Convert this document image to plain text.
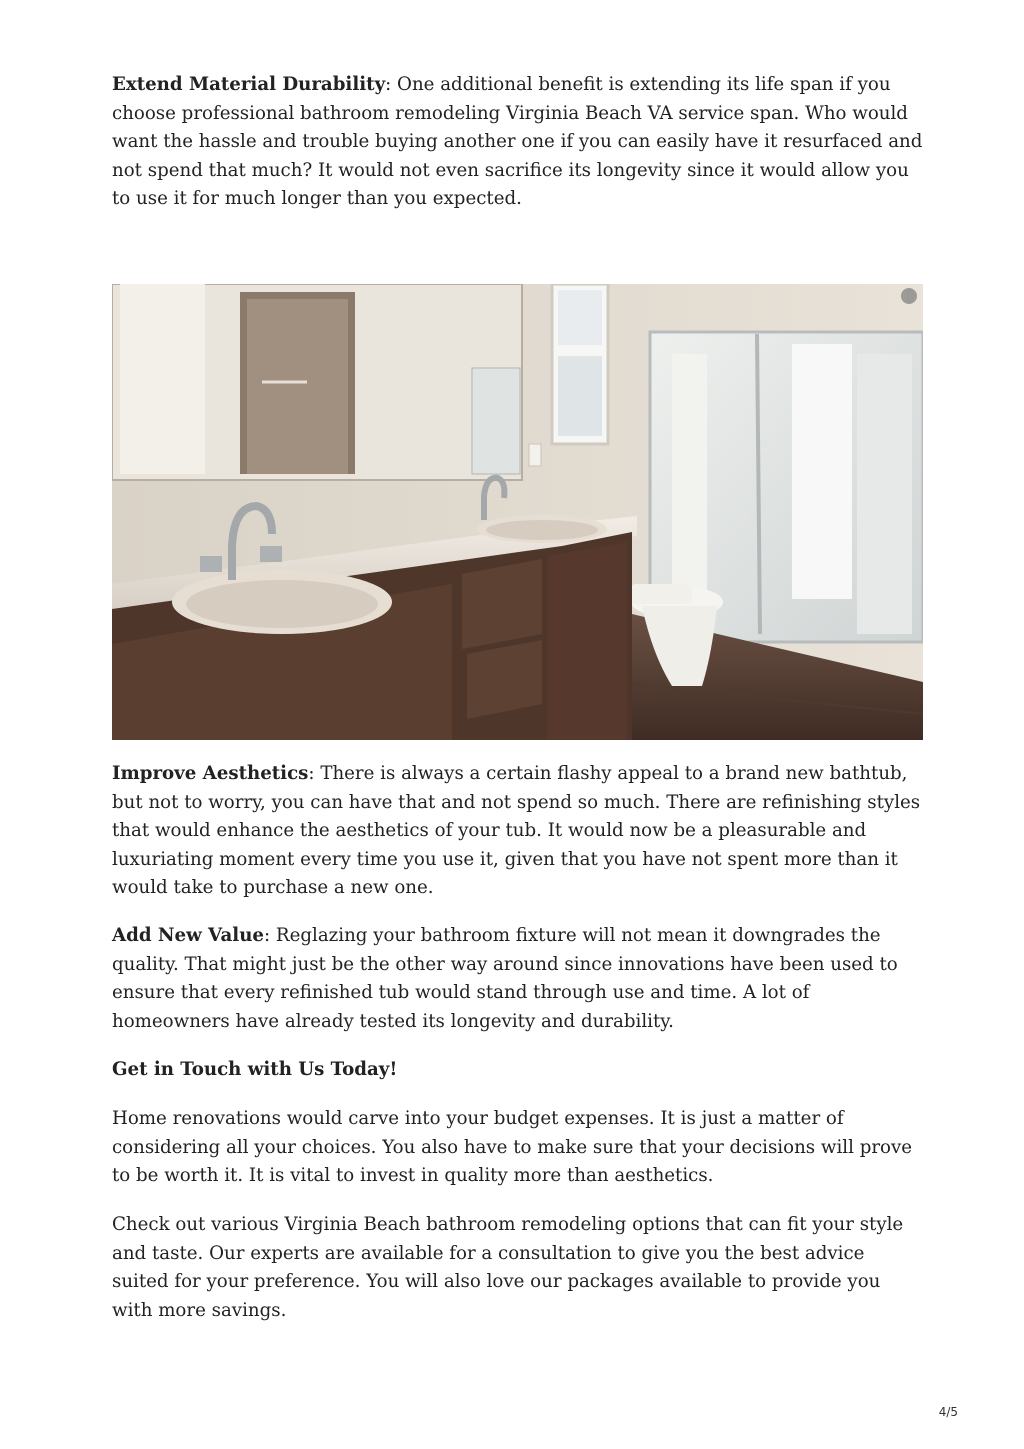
Extend Material Durability: One additional benefit is extending its life span if you choose professional bathroom remodeling Virginia Beach VA service span. Who would want the hassle and trouble buying another one if you can easily have it resurfaced and not spend that much? It would not even sacrifice its longevity since it would allow you to use it for much longer than you expected.

Improve Aesthetics: There is always a certain flashy appeal to a brand new bathtub, but not to worry, you can have that and not spend so much. There are refinishing styles that would enhance the aesthetics of your tub. It would now be a pleasurable and luxuriating moment every time you use it, given that you have not spent more than it would take to purchase a new one.

Add New Value: Reglazing your bathroom fixture will not mean it downgrades the quality. That might just be the other way around since innovations have been used to ensure that every refinished tub would stand through use and time. A lot of homeowners have already tested its longevity and durability.

Get in Touch with Us Today!

Home renovations would carve into your budget expenses. It is just a matter of considering all your choices. You also have to make sure that your decisions will prove to be worth it. It is vital to invest in quality more than aesthetics.

Check out various Virginia Beach bathroom remodeling options that can fit your style and taste. Our experts are available for a consultation to give you the best advice suited for your preference. You will also love our packages available to provide you with more savings.

4/5
